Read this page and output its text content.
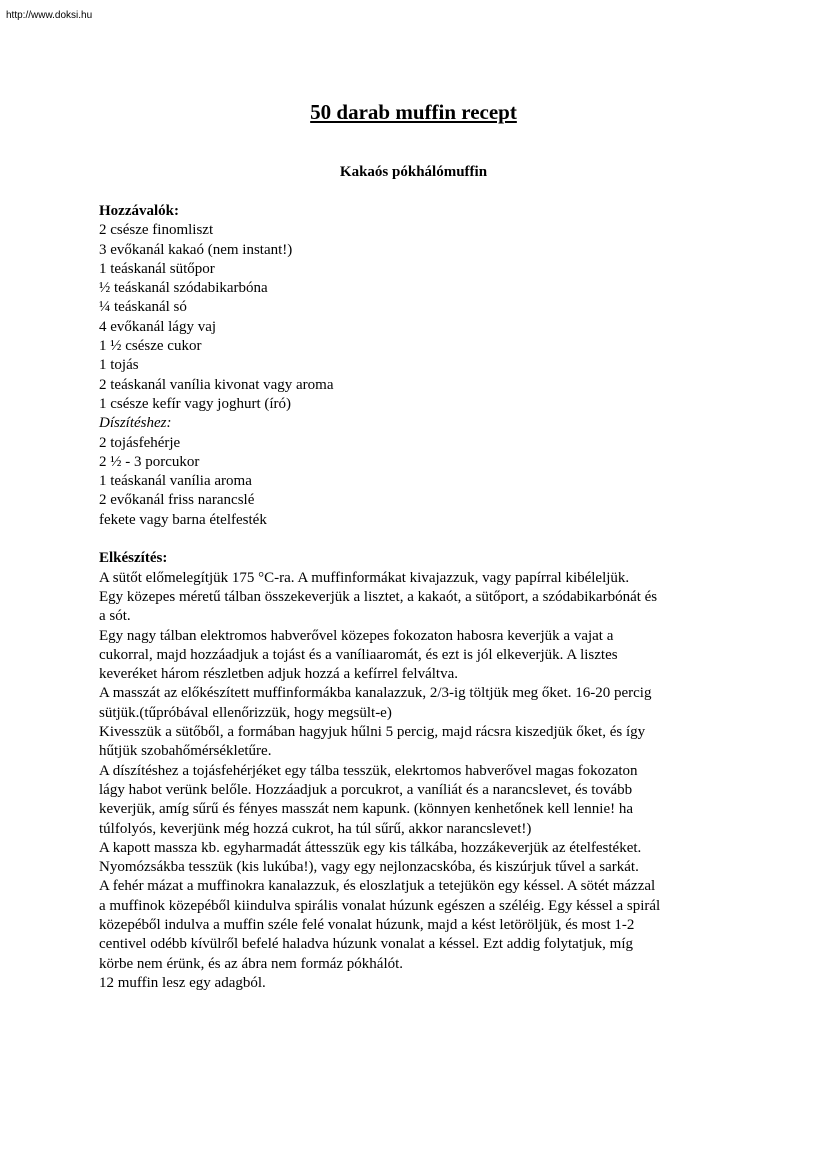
http://www.doksi.hu
50 darab muffin recept
Kakaós pókhálómuffin
Hozzávalók:
2 csésze finomliszt
3 evőkanál kakaó (nem instant!)
1 teáskanál sütőpor
½ teáskanál szódabikarbóna
¼ teáskanál só
4 evőkanál lágy vaj
1 ½ csésze cukor
1 tojás
2 teáskanál vanília kivonat vagy aroma
1 csésze kefír vagy joghurt (író)
Díszítéshez:
2 tojásfehérje
2 ½ - 3 porcukor
1 teáskanál vanília aroma
2 evőkanál friss narancslé
fekete vagy barna ételfesték
Elkészítés:
A sütőt előmelegítjük 175 °C-ra. A muffinformákat kivajazzuk, vagy papírral kibéleljük.
Egy közepes méretű tálban összekeverjük a lisztet, a kakaót, a sütőport, a szódabikarbónát és
a sót.
Egy nagy tálban elektromos habverővel közepes fokozaton habosra keverjük a vajat a
cukorral, majd hozzáadjuk a tojást és a vaníliaaromát, és ezt is jól elkeverjük. A lisztes
keveréket három részletben adjuk hozzá a kefírrel felváltva.
A masszát az előkészített muffinformákba kanalazzuk, 2/3-ig töltjük meg őket. 16-20 percig
sütjük.(tűpróbával ellenőrizzük, hogy megsült-e)
Kivesszük a sütőből, a formában hagyjuk hűlni 5 percig, majd rácsra kiszedjük őket, és így
hűtjük szobahőmérsékletűre.
A díszítéshez a tojásfehérjéket egy tálba tesszük, elekrtomos habverővel magas fokozaton
lágy habot verünk belőle. Hozzáadjuk a porcukrot, a vaníliát és a narancslevet, és tovább
keverjük, amíg sűrű és fényes masszát nem kapunk. (könnyen kenhetőnek kell lennie! ha
túlfolyós, keverjünk még hozzá cukrot, ha túl sűrű, akkor narancslevet!)
A kapott massza kb. egyharmadát áttesszük egy kis tálkába, hozzákeverjük az ételfestéket.
Nyomózsákba tesszük (kis lukúba!), vagy egy nejlonzacskóba, és kiszúrjuk tűvel a sarkát.
A fehér mázat a muffinokra kanalazzuk, és eloszlatjuk a tetejükön egy késsel. A sötét mázzal
a muffinok közepéből kiindulva spirális vonalat húzunk egészen a széléig. Egy késsel a spirál
közepéből indulva a muffin széle felé vonalat húzunk, majd a kést letöröljük, és most 1-2
centivel odébb kívülről befelé haladva húzunk vonalat a késsel. Ezt addig folytatjuk, míg
körbe nem érünk, és az ábra nem formáz pókhálót.
12 muffin lesz egy adagból.
